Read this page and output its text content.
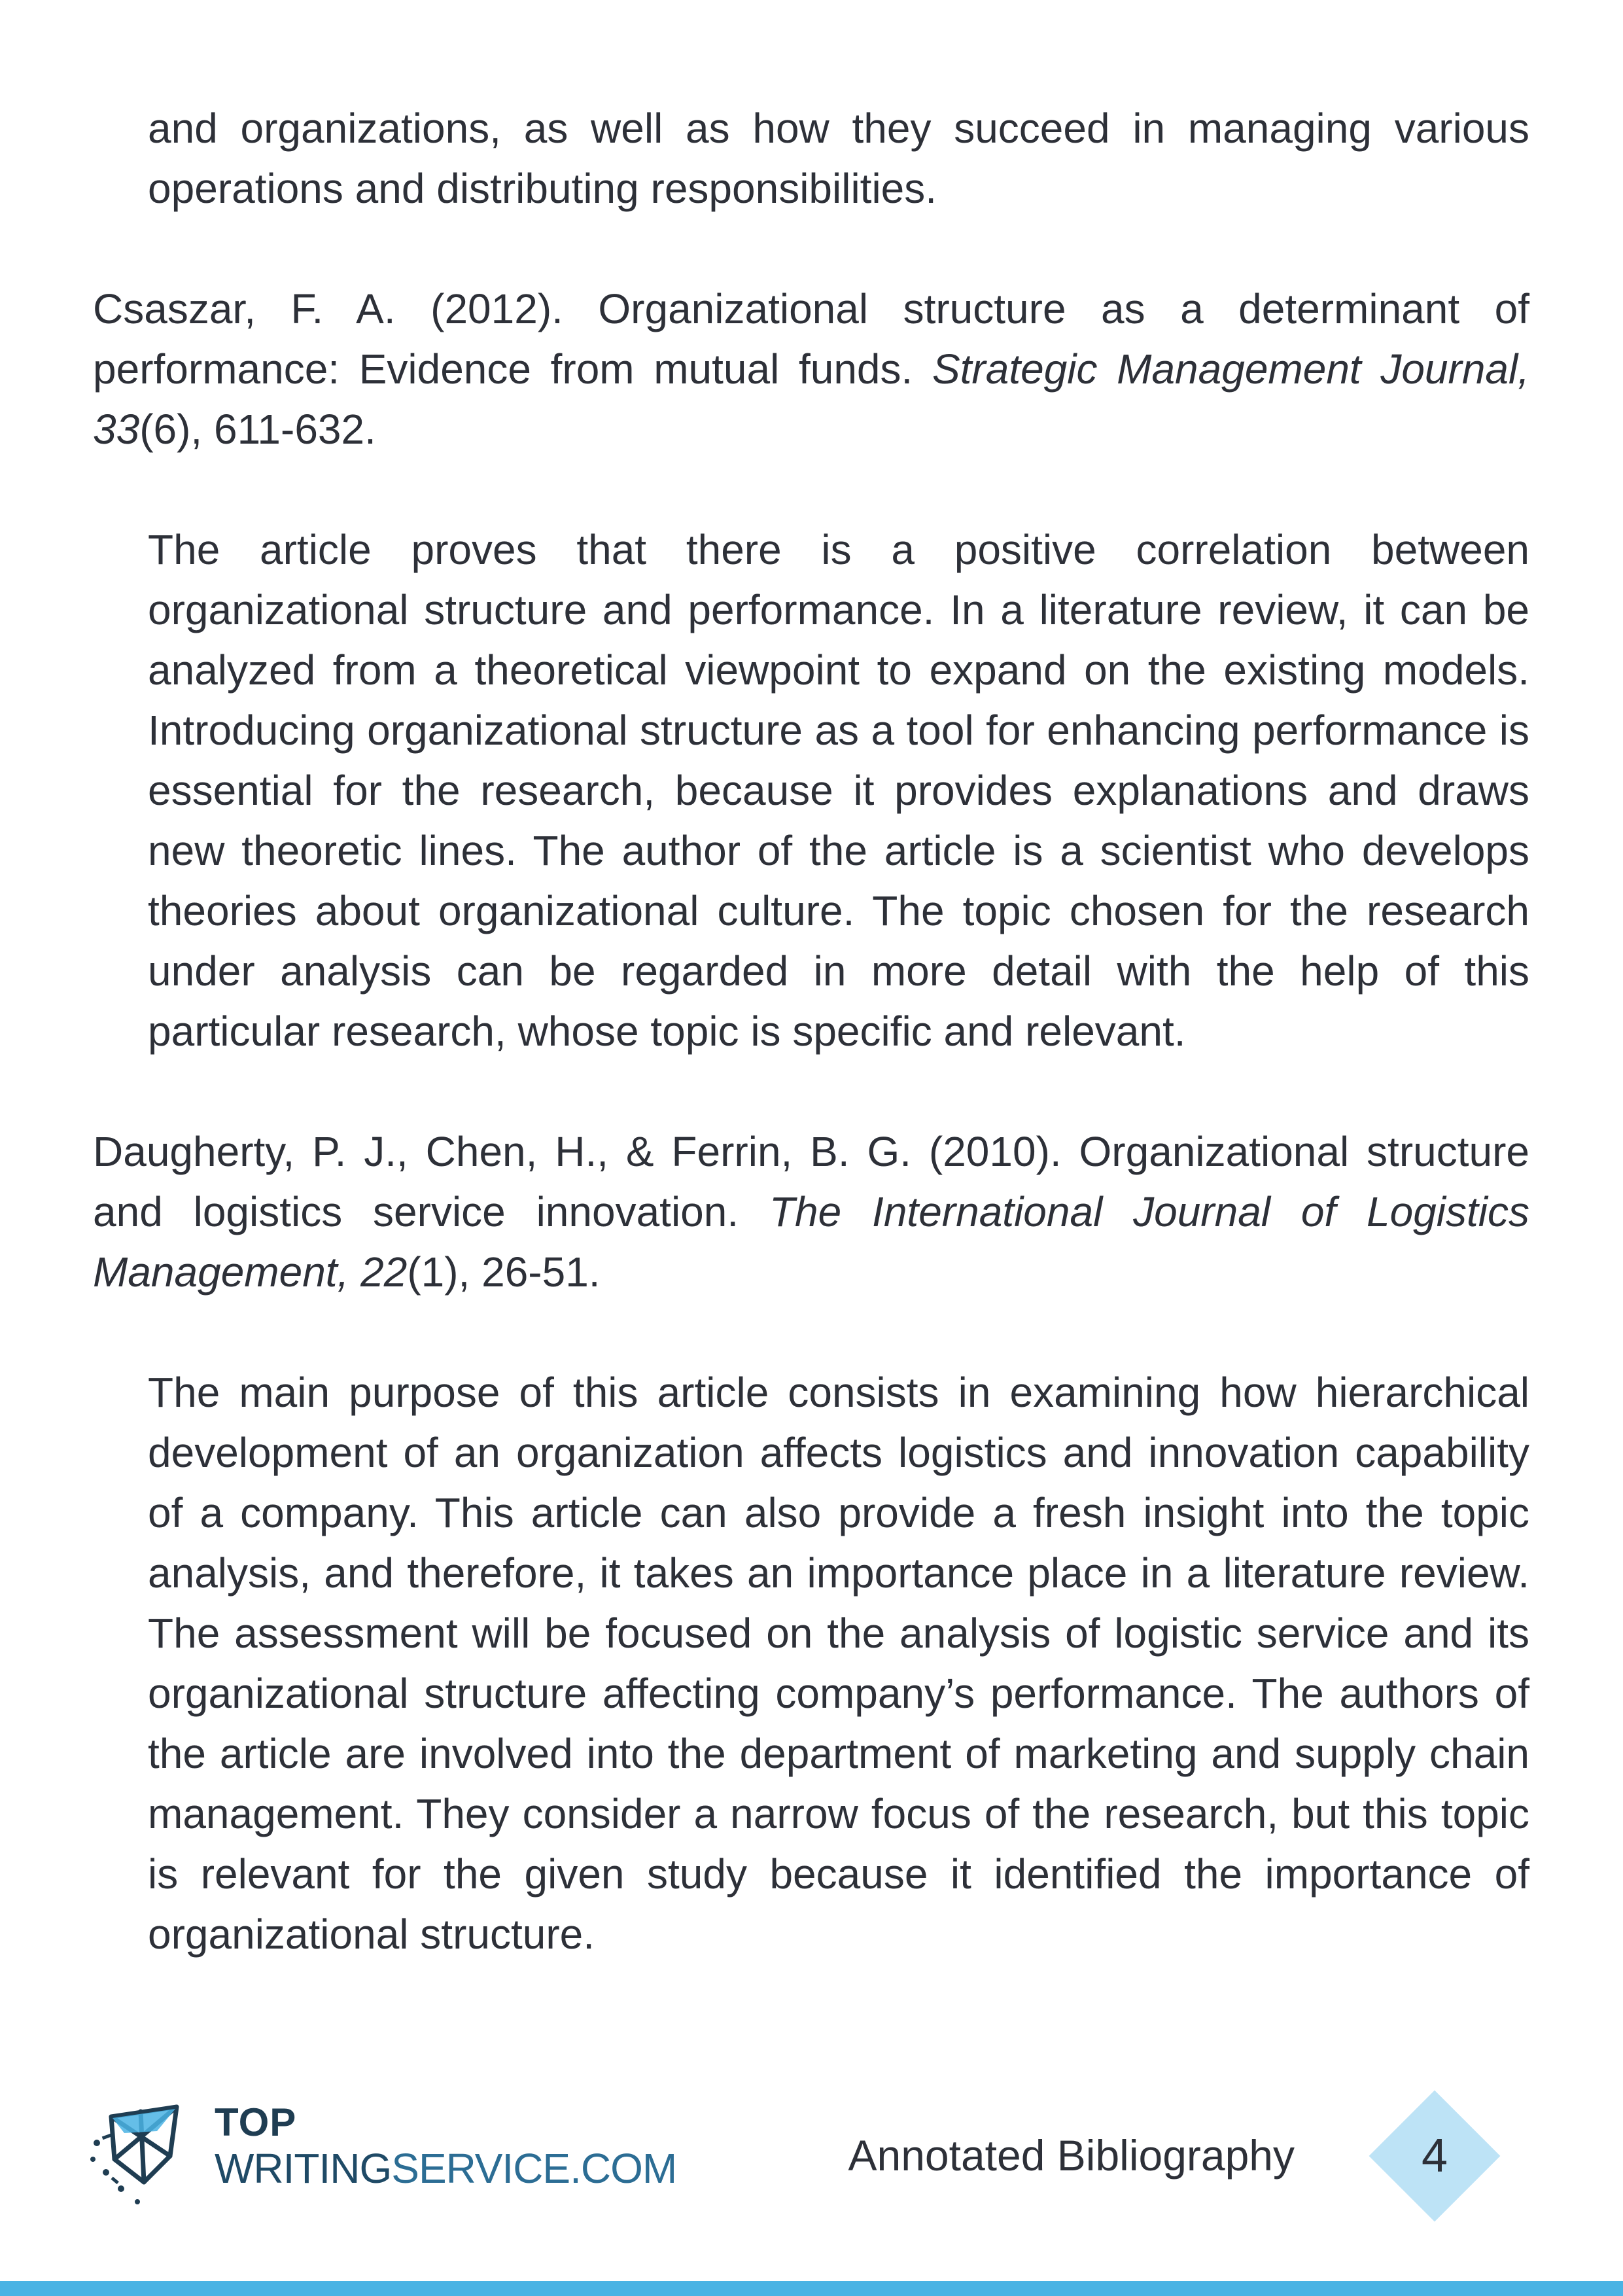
and organizations, as well as how they succeed in managing various operations and distributing responsibilities.

Csaszar, F. A. (2012). Organizational structure as a determinant of performance: Evidence from mutual funds. Strategic Management Journal, 33(6), 611-632.

The article proves that there is a positive correlation between organizational structure and performance. In a literature review, it can be analyzed from a theoretical viewpoint to expand on the existing models. Introducing organizational structure as a tool for enhancing performance is essential for the research, because it provides explanations and draws new theoretic lines. The author of the article is a scientist who develops theories about organizational culture. The topic chosen for the research under analysis can be regarded in more detail with the help of this particular research, whose topic is specific and relevant.

Daugherty, P. J., Chen, H., & Ferrin, B. G. (2010). Organizational structure and logistics service innovation. The International Journal of Logistics Management, 22(1), 26-51.

The main purpose of this article consists in examining how hierarchical development of an organization affects logistics and innovation capability of a company. This article can also provide a fresh insight into the topic analysis, and therefore, it takes an importance place in a literature review. The assessment will be focused on the analysis of logistic service and its organizational structure affecting company’s performance. The authors of the article are involved into the department of marketing and supply chain management. They consider a narrow focus of the research, but this topic is relevant for the given study because it identified the importance of organizational structure.

TOP
WRITINGSERVICE.COM	Annotated Bibliography	4
